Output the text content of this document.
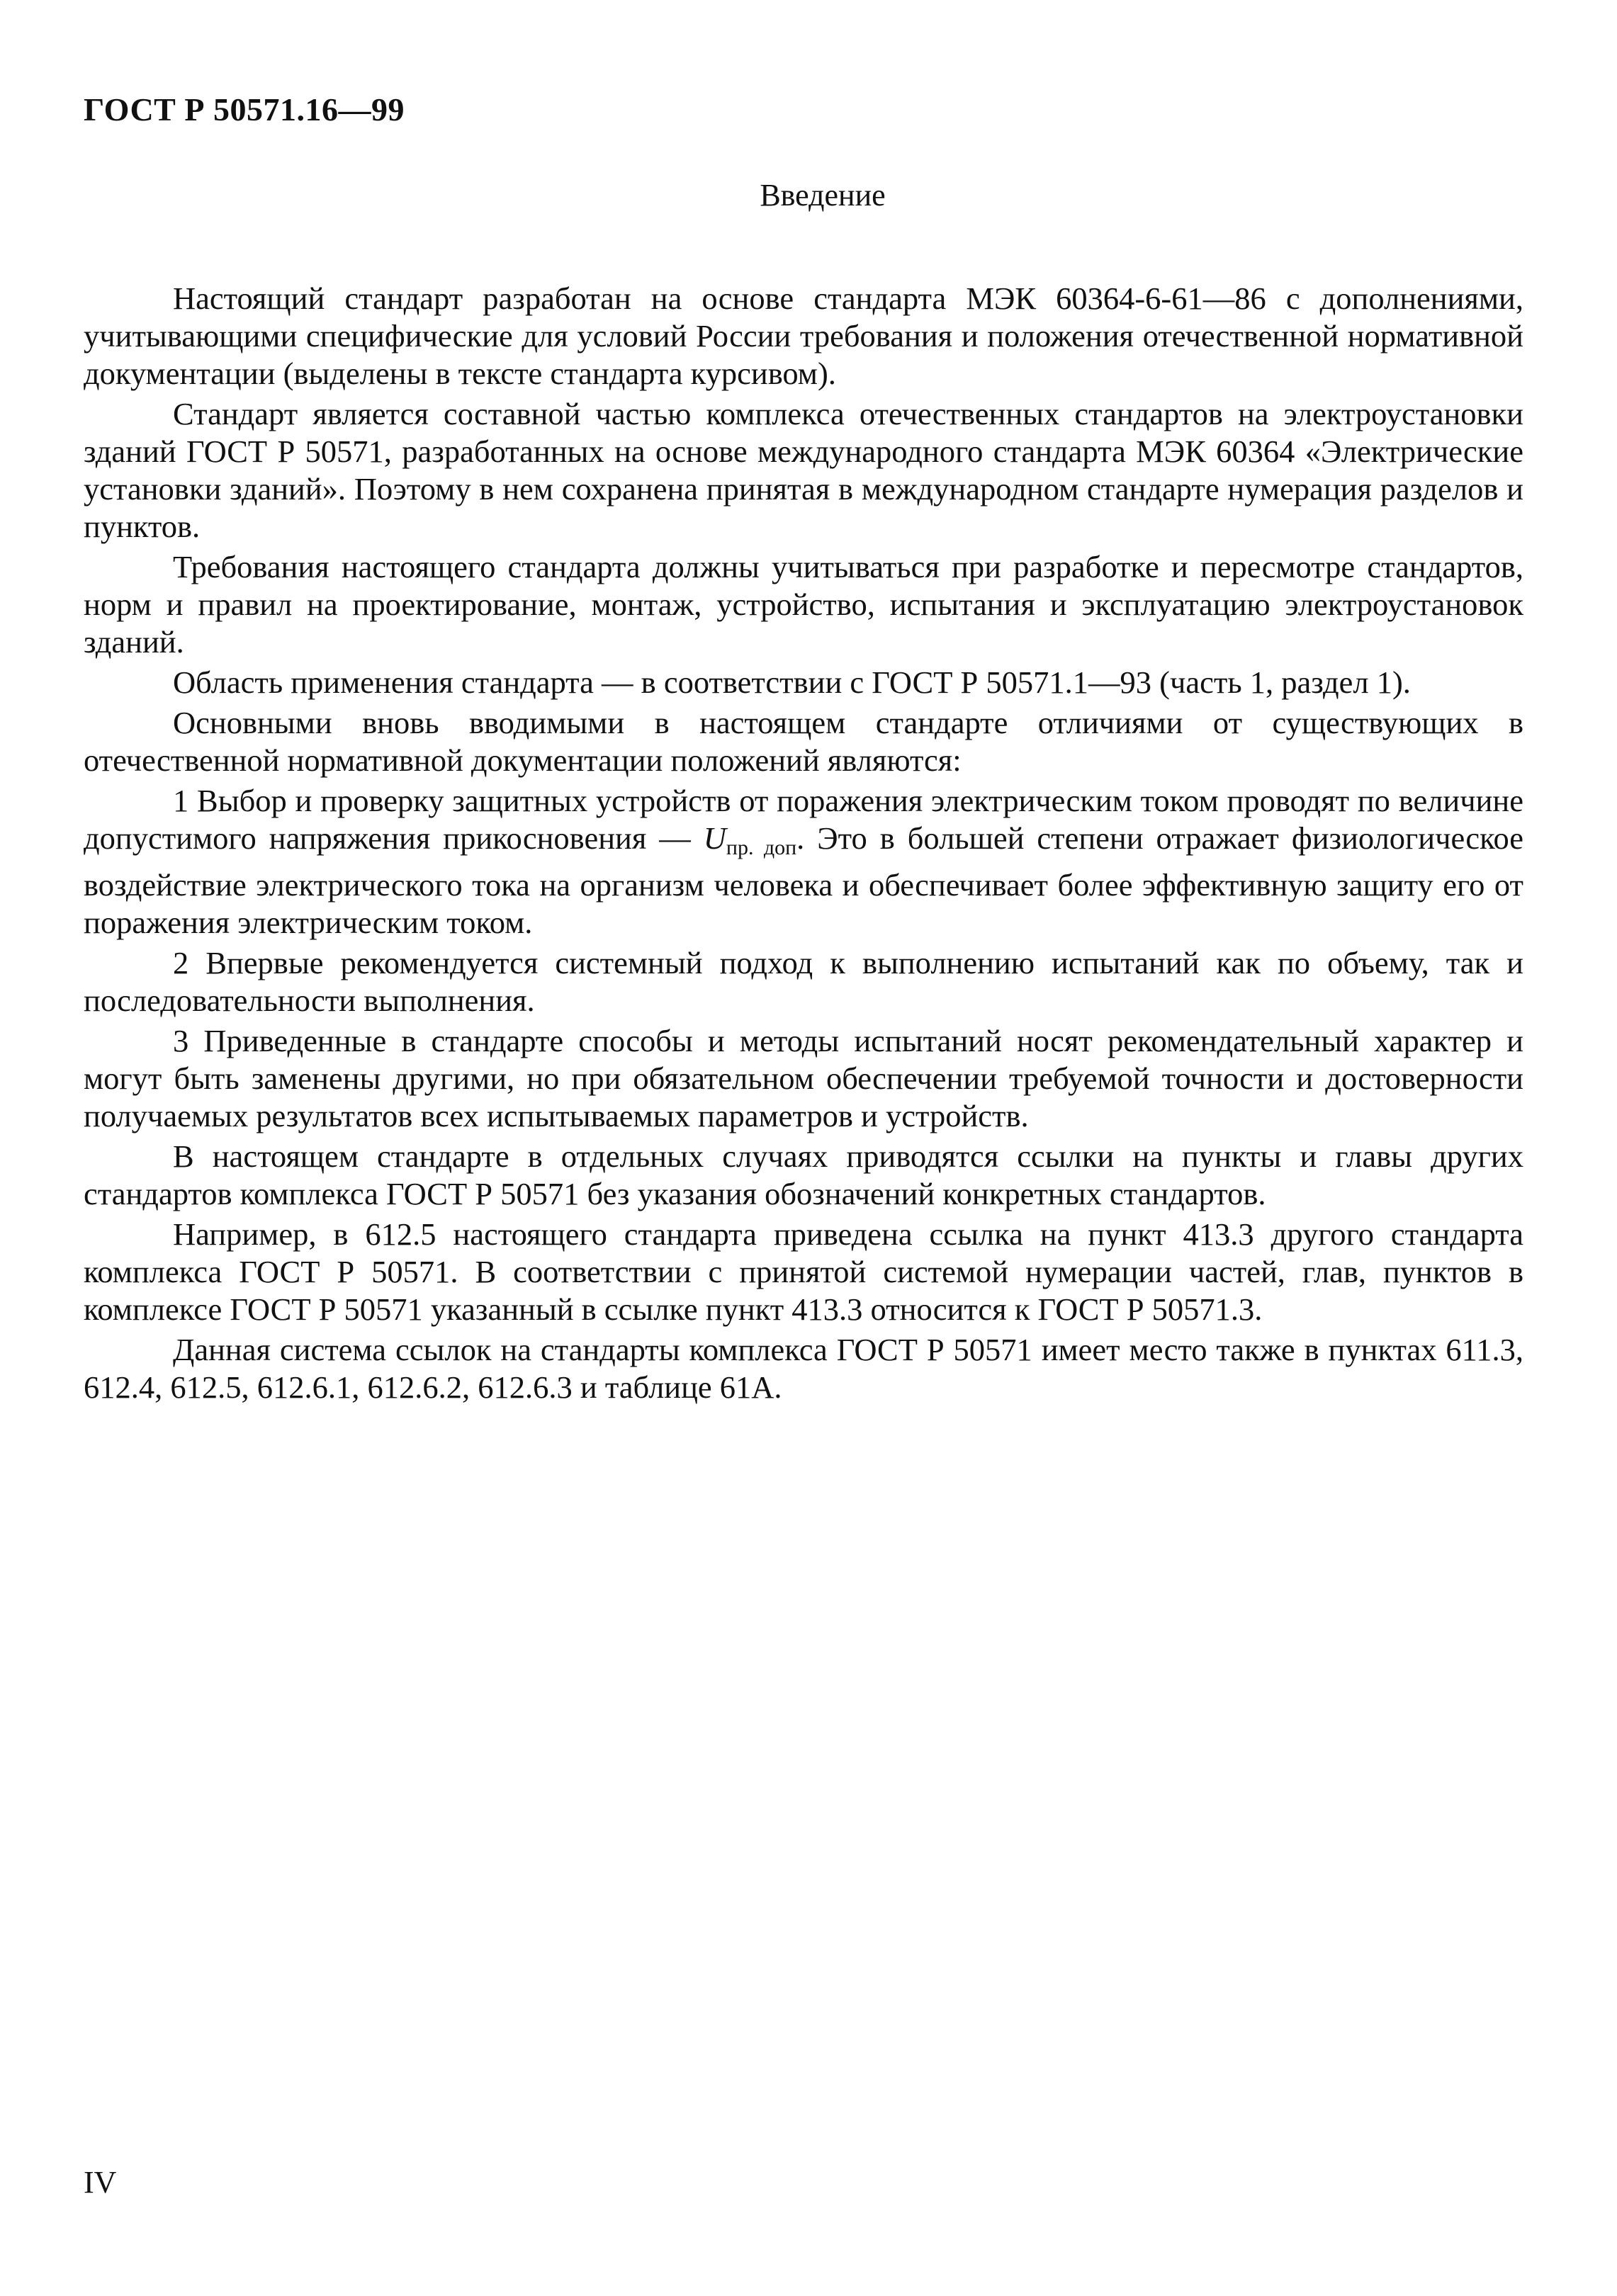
ГОСТ Р 50571.16—99
Введение

Настоящий стандарт разработан на основе стандарта МЭК 60364-6-61—86 с дополнениями, учитывающими специфические для условий России требования и положения отечественной нормативной документации (выделены в тексте стандарта курсивом).

Стандарт является составной частью комплекса отечественных стандартов на электроустановки зданий ГОСТ Р 50571, разработанных на основе международного стандарта МЭК 60364 «Электрические установки зданий». Поэтому в нем сохранена принятая в международном стандарте нумерация разделов и пунктов.

Требования настоящего стандарта должны учитываться при разработке и пересмотре стандартов, норм и правил на проектирование, монтаж, устройство, испытания и эксплуатацию электроустановок зданий.

Область применения стандарта — в соответствии с ГОСТ Р 50571.1—93 (часть 1, раздел 1).

Основными вновь вводимыми в настоящем стандарте отличиями от существующих в отечественной нормативной документации положений являются:

1 Выбор и проверку защитных устройств от поражения электрическим током проводят по величине допустимого напряжения прикосновения — $U_{пр. доп}$. Это в большей степени отражает физиологическое воздействие электрического тока на организм человека и обеспечивает более эффективную защиту его от поражения электрическим током.

2 Впервые рекомендуется системный подход к выполнению испытаний как по объему, так и последовательности выполнения.

3 Приведенные в стандарте способы и методы испытаний носят рекомендательный характер и могут быть заменены другими, но при обязательном обеспечении требуемой точности и достоверности получаемых результатов всех испытываемых параметров и устройств.

В настоящем стандарте в отдельных случаях приводятся ссылки на пункты и главы других стандартов комплекса ГОСТ Р 50571 без указания обозначений конкретных стандартов.

Например, в 612.5 настоящего стандарта приведена ссылка на пункт 413.3 другого стандарта комплекса ГОСТ Р 50571. В соответствии с принятой системой нумерации частей, глав, пунктов в комплексе ГОСТ Р 50571 указанный в ссылке пункт 413.3 относится к ГОСТ Р 50571.3.

Данная система ссылок на стандарты комплекса ГОСТ Р 50571 имеет место также в пунктах 611.3, 612.4, 612.5, 612.6.1, 612.6.2, 612.6.3 и таблице 61А.

IV
